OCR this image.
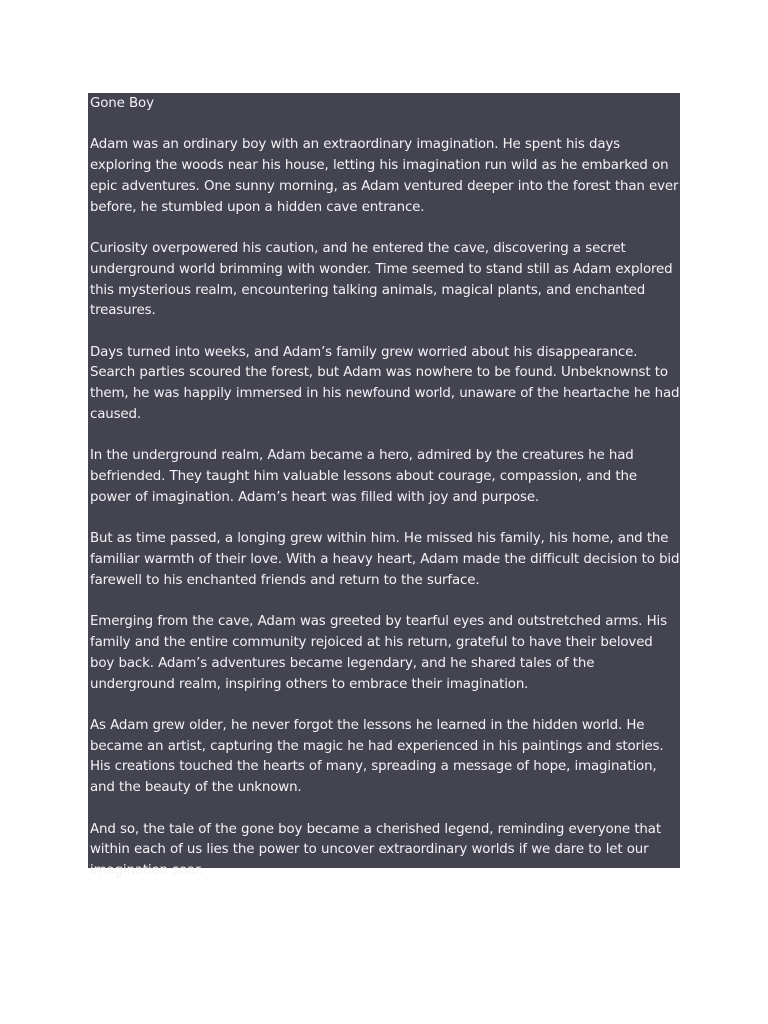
Gone Boy

Adam was an ordinary boy with an extraordinary imagination. He spent his days exploring the woods near his house, letting his imagination run wild as he embarked on epic adventures. One sunny morning, as Adam ventured deeper into the forest than ever before, he stumbled upon a hidden cave entrance.

Curiosity overpowered his caution, and he entered the cave, discovering a secret underground world brimming with wonder. Time seemed to stand still as Adam explored this mysterious realm, encountering talking animals, magical plants, and enchanted treasures.

Days turned into weeks, and Adam’s family grew worried about his disappearance. Search parties scoured the forest, but Adam was nowhere to be found. Unbeknownst to them, he was happily immersed in his newfound world, unaware of the heartache he had caused.

In the underground realm, Adam became a hero, admired by the creatures he had befriended. They taught him valuable lessons about courage, compassion, and the power of imagination. Adam’s heart was filled with joy and purpose.

But as time passed, a longing grew within him. He missed his family, his home, and the familiar warmth of their love. With a heavy heart, Adam made the difficult decision to bid farewell to his enchanted friends and return to the surface.

Emerging from the cave, Adam was greeted by tearful eyes and outstretched arms. His family and the entire community rejoiced at his return, grateful to have their beloved boy back. Adam’s adventures became legendary, and he shared tales of the underground realm, inspiring others to embrace their imagination.

As Adam grew older, he never forgot the lessons he learned in the hidden world. He became an artist, capturing the magic he had experienced in his paintings and stories. His creations touched the hearts of many, spreading a message of hope, imagination, and the beauty of the unknown.

And so, the tale of the gone boy became a cherished legend, reminding everyone that within each of us lies the power to uncover extraordinary worlds if we dare to let our imagination soar.
